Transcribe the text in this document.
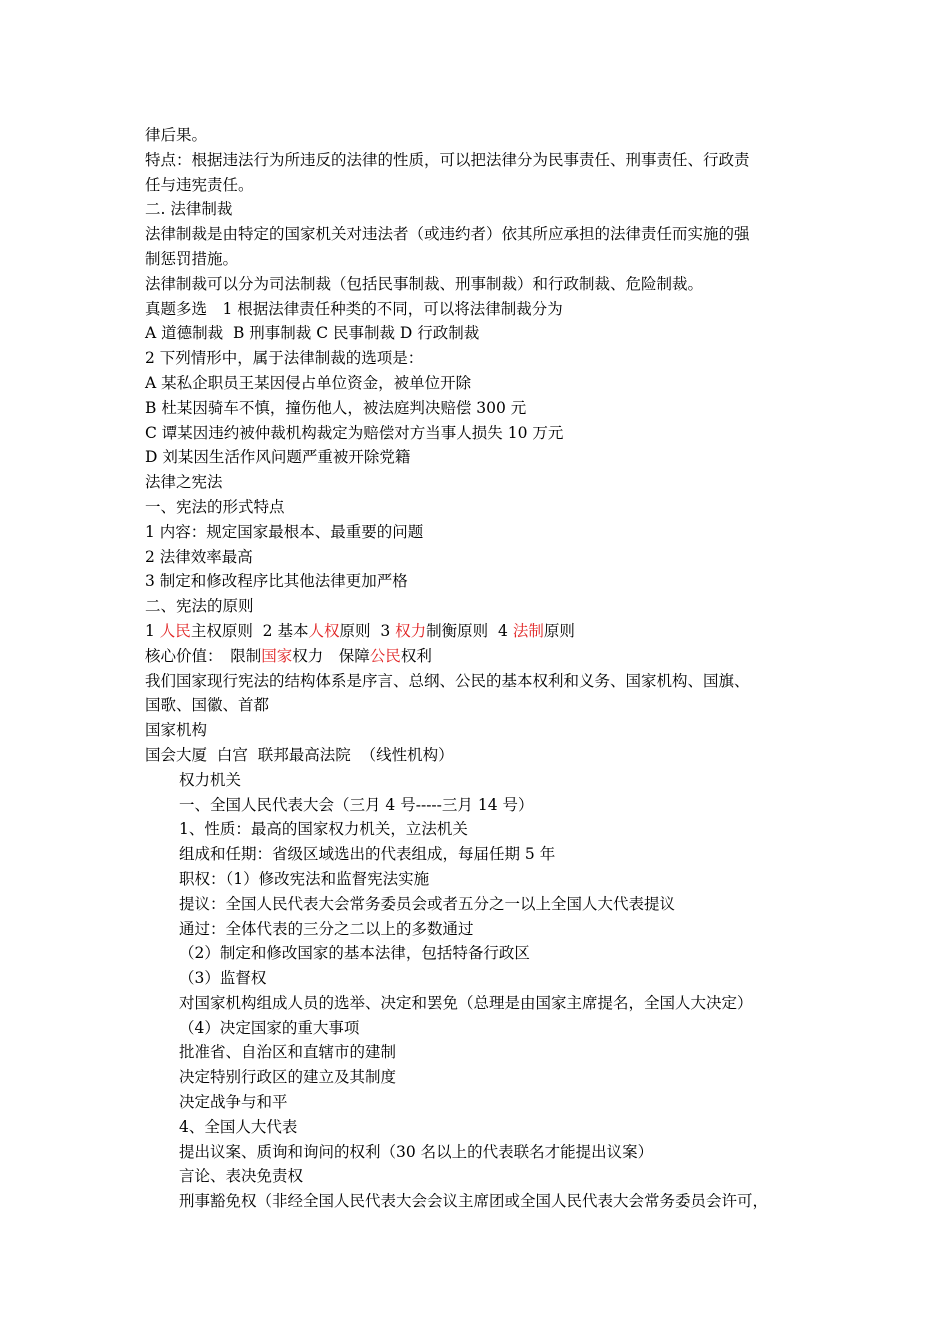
律后果。
特点：根据违法行为所违反的法律的性质，可以把法律分为民事责任、刑事责任、行政责
任与违宪责任。
二. 法律制裁
法律制裁是由特定的国家机关对违法者（或违约者）依其所应承担的法律责任而实施的强
制惩罚措施。
法律制裁可以分为司法制裁（包括民事制裁、刑事制裁）和行政制裁、危险制裁。
真题多选　1 根据法律责任种类的不同，可以将法律制裁分为
A 道德制裁  B 刑事制裁 C 民事制裁 D 行政制裁
2 下列情形中，属于法律制裁的选项是：
A 某私企职员王某因侵占单位资金，被单位开除
B 杜某因骑车不慎，撞伤他人，被法庭判决赔偿 300 元
C 谭某因违约被仲裁机构裁定为赔偿对方当事人损失 10 万元
D 刘某因生活作风问题严重被开除党籍
法律之宪法
一、宪法的形式特点
1 内容：规定国家最根本、最重要的问题
2 法律效率最高
3 制定和修改程序比其他法律更加严格
二、宪法的原则
1 人民主权原则  2 基本人权原则  3 权力制衡原则  4 法制原则
核心价值：　限制国家权力　保障公民权利
我们国家现行宪法的结构体系是序言、总纲、公民的基本权利和义务、国家机构、国旗、
国歌、国徽、首都
国家机构
国会大厦  白宫  联邦最高法院  （线性机构）
权力机关
一、全国人民代表大会（三月 4 号-----三月 14 号）
1、性质：最高的国家权力机关，立法机关
组成和任期：省级区域选出的代表组成，每届任期 5 年
职权：（1）修改宪法和监督宪法实施
提议：全国人民代表大会常务委员会或者五分之一以上全国人大代表提议
通过：全体代表的三分之二以上的多数通过
（2）制定和修改国家的基本法律，包括特备行政区
（3）监督权
对国家机构组成人员的选举、决定和罢免（总理是由国家主席提名，全国人大决定）
（4）决定国家的重大事项
批准省、自治区和直辖市的建制
决定特别行政区的建立及其制度
决定战争与和平
4、全国人大代表
提出议案、质询和询问的权利（30 名以上的代表联名才能提出议案）
言论、表决免责权
刑事豁免权（非经全国人民代表大会会议主席团或全国人民代表大会常务委员会许可，
